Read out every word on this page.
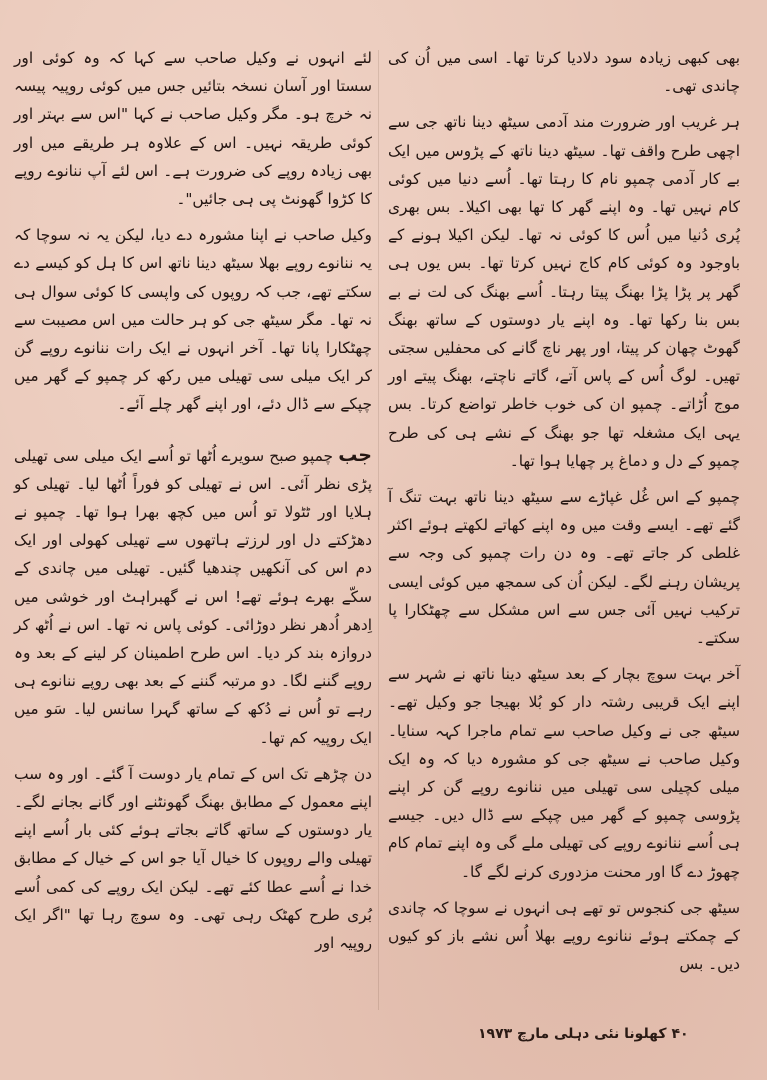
بھی کبھی زیادہ سود دلادیا کرتا تھا۔ اسی میں اُن کی چاندی تھی۔

ہر غریب اور ضرورت مند آدمی سیٹھ دینا ناتھ جی سے اچھی طرح واقف تھا۔ سیٹھ دینا ناتھ کے پڑوس میں ایک بے کار آدمی چمپو نام کا رہتا تھا۔ اُسے دنیا میں کوئی کام نہیں تھا۔ وہ اپنے گھر کا تھا بھی اکیلا۔ بس بھری پُری دُنیا میں اُس کا کوئی نہ تھا۔ لیکن اکیلا ہونے کے باوجود وہ کوئی کام کاج نہیں کرتا تھا۔ بس یوں ہی گھر پر پڑا پڑا بھنگ پیتا رہتا۔ اُسے بھنگ کی لت نے بے بس بنا رکھا تھا۔ وہ اپنے یار دوستوں کے ساتھ بھنگ گھوٹ چھان کر پیتا، اور پھر ناچ گانے کی محفلیں سجتی تھیں۔ لوگ اُس کے پاس آتے، گاتے ناچتے، بھنگ پیتے اور موج اُڑاتے۔ چمپو ان کی خوب خاطر تواضع کرتا۔ بس یہی ایک مشغلہ تھا جو بھنگ کے نشے ہی کی طرح چمپو کے دل و دماغ پر چھایا ہوا تھا۔

چمپو کے اس غُل غپاڑے سے سیٹھ دینا ناتھ بہت تنگ آ گئے تھے۔ ایسے وقت میں وہ اپنے کھاتے لکھتے ہوئے اکثر غلطی کر جاتے تھے۔ وہ دن رات چمپو کی وجہ سے پریشان رہنے لگے۔ لیکن اُن کی سمجھ میں کوئی ایسی ترکیب نہیں آئی جس سے اس مشکل سے چھٹکارا پا سکتے۔

آخر بہت سوچ بچار کے بعد سیٹھ دینا ناتھ نے شہر سے اپنے ایک قریبی رشتہ دار کو بُلا بھیجا جو وکیل تھے۔ سیٹھ جی نے وکیل صاحب سے تمام ماجرا کہہ سنایا۔ وکیل صاحب نے سیٹھ جی کو مشورہ دیا کہ وہ ایک میلی کچیلی سی تھیلی میں ننانوے روپے گن کر اپنے پڑوسی چمپو کے گھر میں چپکے سے ڈال دیں۔ جیسے ہی اُسے ننانوے روپے کی تھیلی ملے گی وہ اپنے تمام کام چھوڑ دے گا اور محنت مزدوری کرنے لگے گا۔

سیٹھ جی کنجوس تو تھے ہی انہوں نے سوچا کہ چاندی کے چمکتے ہوئے ننانوے روپے بھلا اُس نشے باز کو کیوں دیں۔ بس

لئے انہوں نے وکیل صاحب سے کہا کہ وہ کوئی اور سستا اور آسان نسخہ بتائیں جس میں کوئی روپیہ پیسہ نہ خرچ ہو۔ مگر وکیل صاحب نے کہا "اس سے بہتر اور کوئی طریقہ نہیں۔ اس کے علاوہ ہر طریقے میں اور بھی زیادہ روپے کی ضرورت ہے۔ اس لئے آپ ننانوے روپے کا کڑوا گھونٹ پی ہی جائیں"۔

وکیل صاحب نے اپنا مشورہ دے دیا، لیکن یہ نہ سوچا کہ یہ ننانوے روپے بھلا سیٹھ دینا ناتھ اس کا ہل کو کیسے دے سکتے تھے، جب کہ روپوں کی واپسی کا کوئی سوال ہی نہ تھا۔ مگر سیٹھ جی کو ہر حالت میں اس مصیبت سے چھٹکارا پانا تھا۔ آخر انہوں نے ایک رات ننانوے روپے گن کر ایک میلی سی تھیلی میں رکھ کر چمپو کے گھر میں چپکے سے ڈال دئے، اور اپنے گھر چلے آئے۔

جب چمپو صبح سویرے اُٹھا تو اُسے ایک میلی سی تھیلی پڑی نظر آئی۔ اس نے تھیلی کو فوراً اُٹھا لیا۔ تھیلی کو ہلایا اور ٹٹولا تو اُس میں کچھ بھرا ہوا تھا۔ چمپو نے دھڑکتے دل اور لرزتے ہاتھوں سے تھیلی کھولی اور ایک دم اس کی آنکھیں چندھیا گئیں۔ تھیلی میں چاندی کے سکّے بھرے ہوئے تھے! اس نے گھبراہٹ اور خوشی میں اِدھر اُدھر نظر دوڑائی۔ کوئی پاس نہ تھا۔ اس نے اُٹھ کر دروازہ بند کر دیا۔ اس طرح اطمینان کر لینے کے بعد وہ روپے گننے لگا۔ دو مرتبہ گننے کے بعد بھی روپے ننانوے ہی رہے تو اُس نے دُکھ کے ساتھ گہرا سانس لیا۔ سَو میں ایک روپیہ کم تھا۔

دن چڑھے تک اس کے تمام یار دوست آ گئے۔ اور وہ سب اپنے معمول کے مطابق بھنگ گھونٹنے اور گانے بجانے لگے۔ یار دوستوں کے ساتھ گاتے بجاتے ہوئے کئی بار اُسے اپنے تھیلی والے روپوں کا خیال آیا جو اس کے خیال کے مطابق خدا نے اُسے عطا کئے تھے۔ لیکن ایک روپے کی کمی اُسے بُری طرح کھٹک رہی تھی۔ وہ سوچ رہا تھا "اگر ایک روپیہ اور

۴۰ کھلونا نئی دہلی مارچ ۱۹۷۳
